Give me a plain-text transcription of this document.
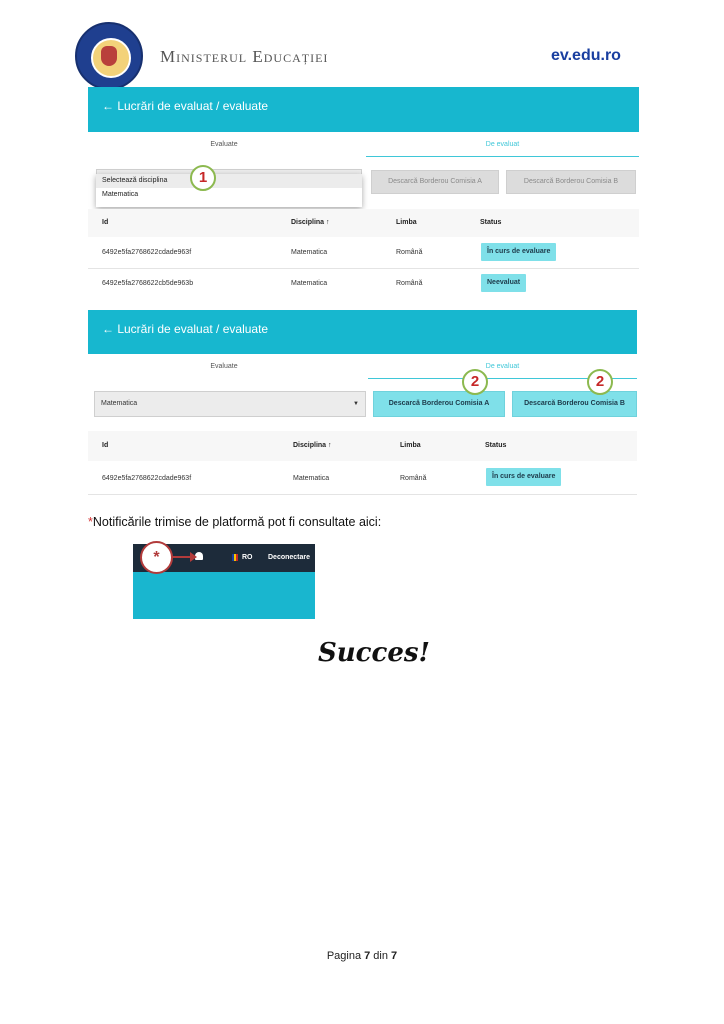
Ministerul Educației	ev.edu.ro
← Lucrări de evaluat / evaluate
Evaluate	De evaluat
Selectează disciplina
Matematica
1	Descarcă Borderou Comisia A	Descarcă Borderou Comisia B
Id	Disciplina ↑	Limba	Status
6492e5fa2768622cdade963f	Matematica	Română	În curs de evaluare
6492e5fa2768622cb5de963b	Matematica	Română	Neevaluat
← Lucrări de evaluat / evaluate
Evaluate	De evaluat
Matematica	▼	Descarcă Borderou Comisia A	Descarcă Borderou Comisia B
2	2
Id	Disciplina ↑	Limba	Status
6492e5fa2768622cdade963f	Matematica	Română	În curs de evaluare
*Notificările trimise de platformă pot fi consultate aici:
RO Deconectare
*
Succes!
Pagina 7 din 7
